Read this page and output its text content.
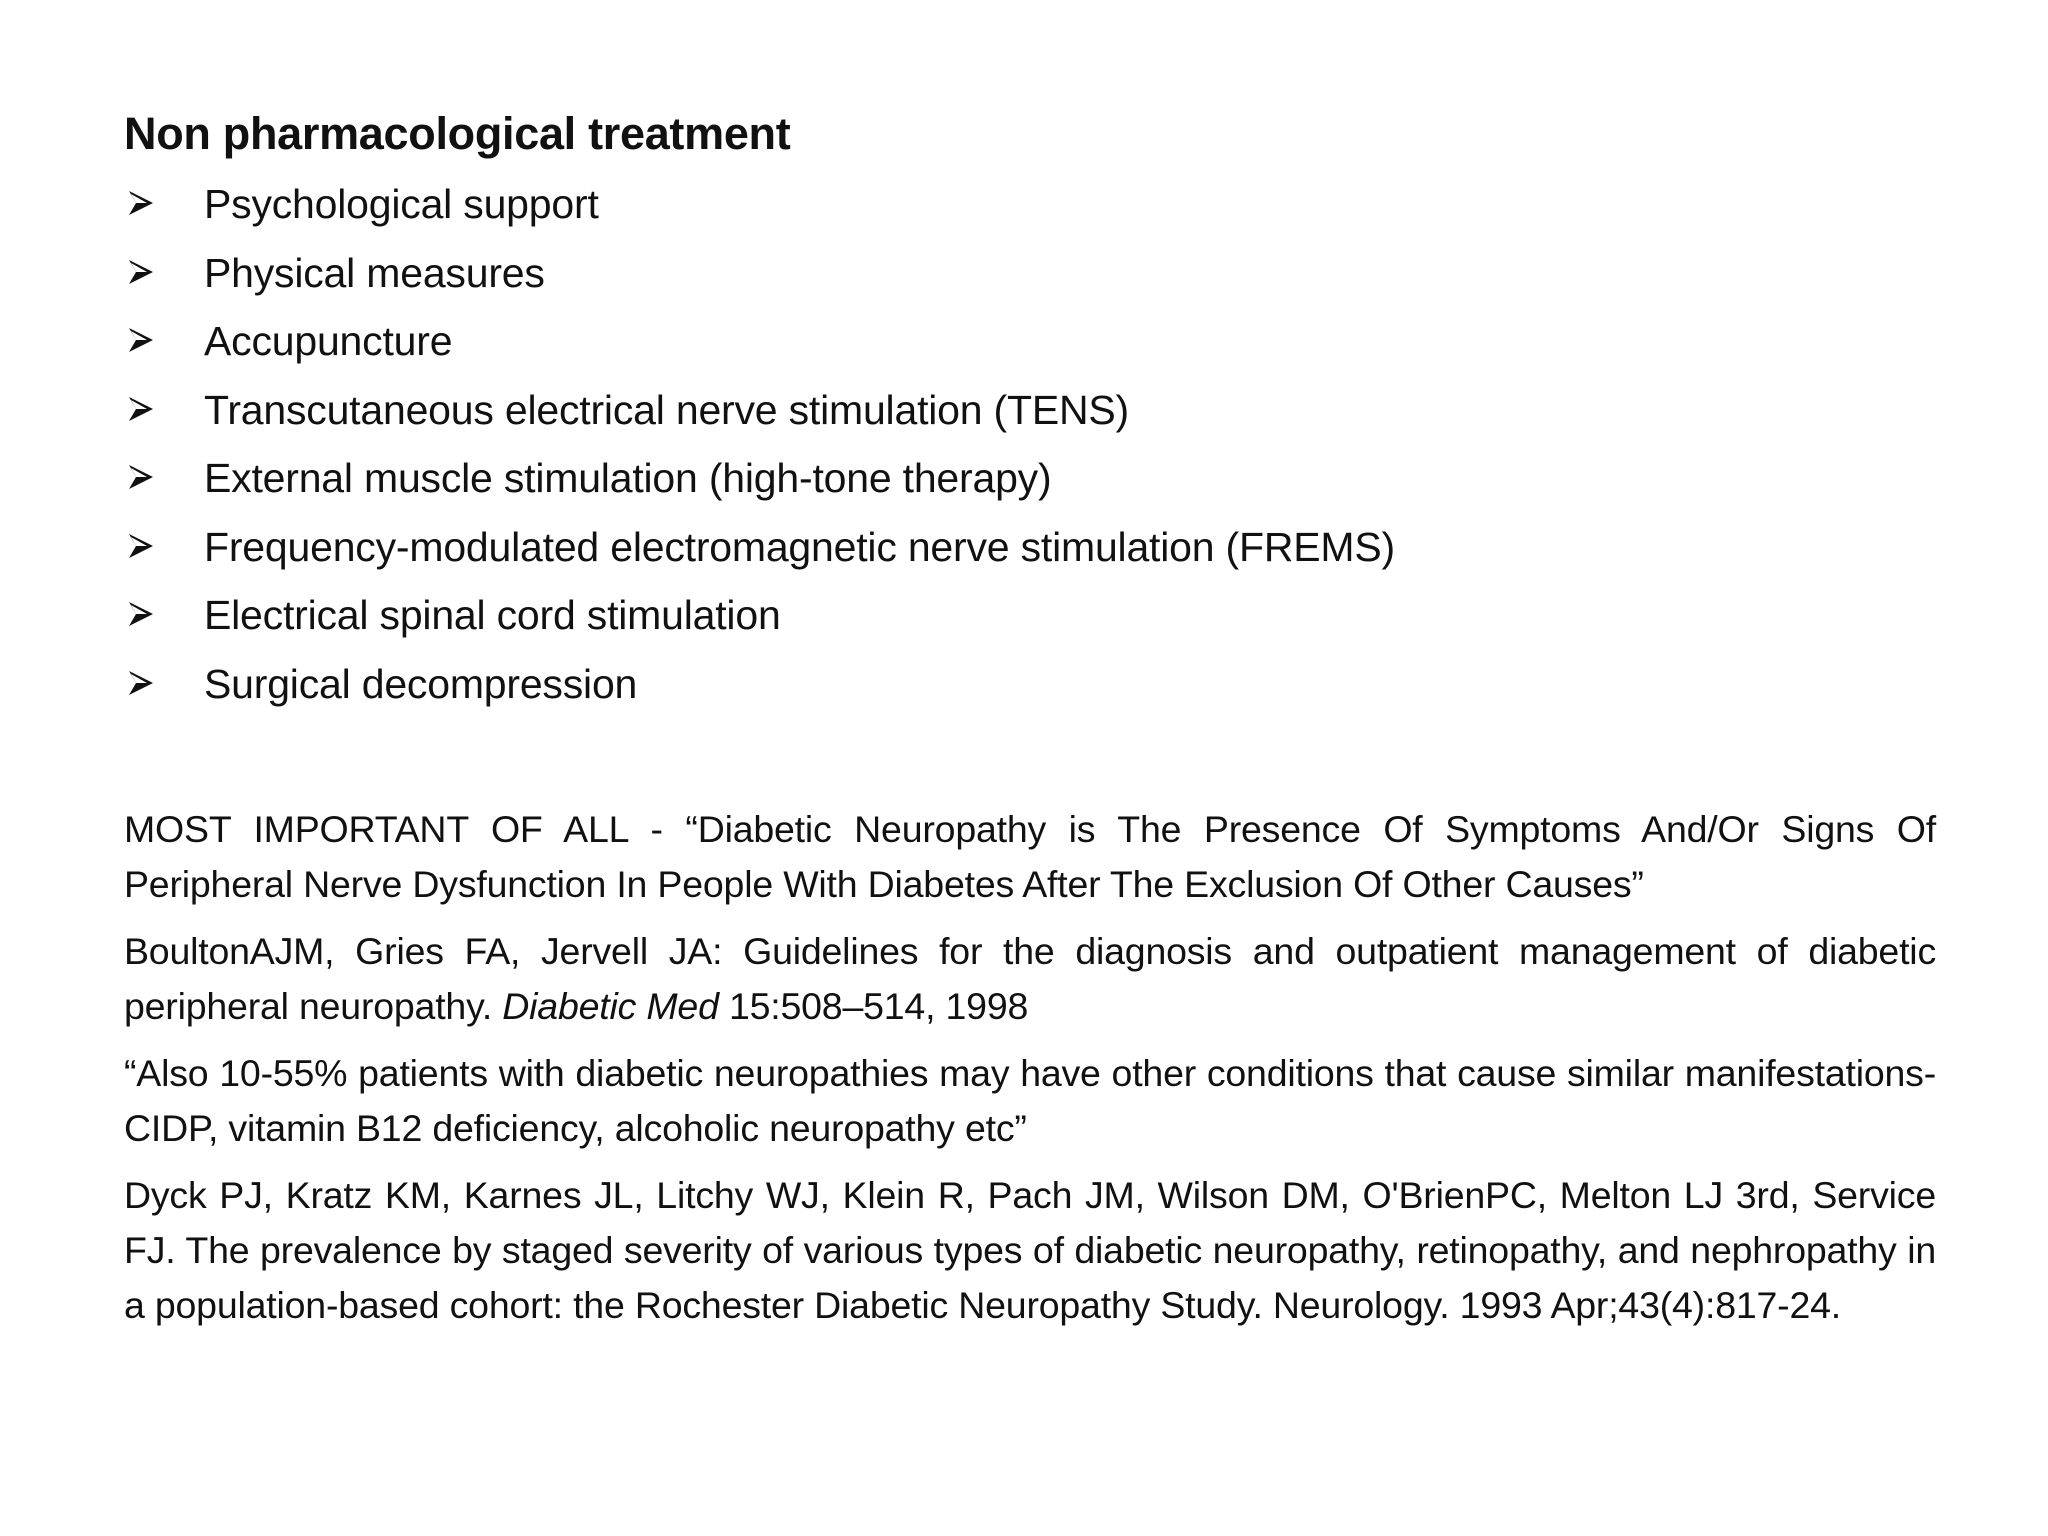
Non pharmacological treatment
Psychological support
Physical measures
Accupuncture
Transcutaneous electrical nerve stimulation (TENS)
External muscle stimulation (high-tone therapy)
Frequency-modulated electromagnetic nerve stimulation (FREMS)
Electrical spinal cord stimulation
Surgical decompression

MOST IMPORTANT OF ALL - “Diabetic Neuropathy is The Presence Of Symptoms And/Or Signs Of Peripheral Nerve Dysfunction In People With Diabetes After The Exclusion Of Other Causes”

BoultonAJM, Gries FA, Jervell JA: Guidelines for the diagnosis and outpatient management of diabetic peripheral neuropathy. Diabetic Med 15:508–514, 1998

“Also 10-55% patients with diabetic neuropathies may have other conditions that cause similar manifestations- CIDP, vitamin B12 deficiency, alcoholic neuropathy etc”

Dyck PJ, Kratz KM, Karnes JL, Litchy WJ, Klein R, Pach JM, Wilson DM, O'BrienPC, Melton LJ 3rd, Service FJ. The prevalence by staged severity of various types of diabetic neuropathy, retinopathy, and nephropathy in a population-based cohort: the Rochester Diabetic Neuropathy Study. Neurology. 1993 Apr;43(4):817-24.
